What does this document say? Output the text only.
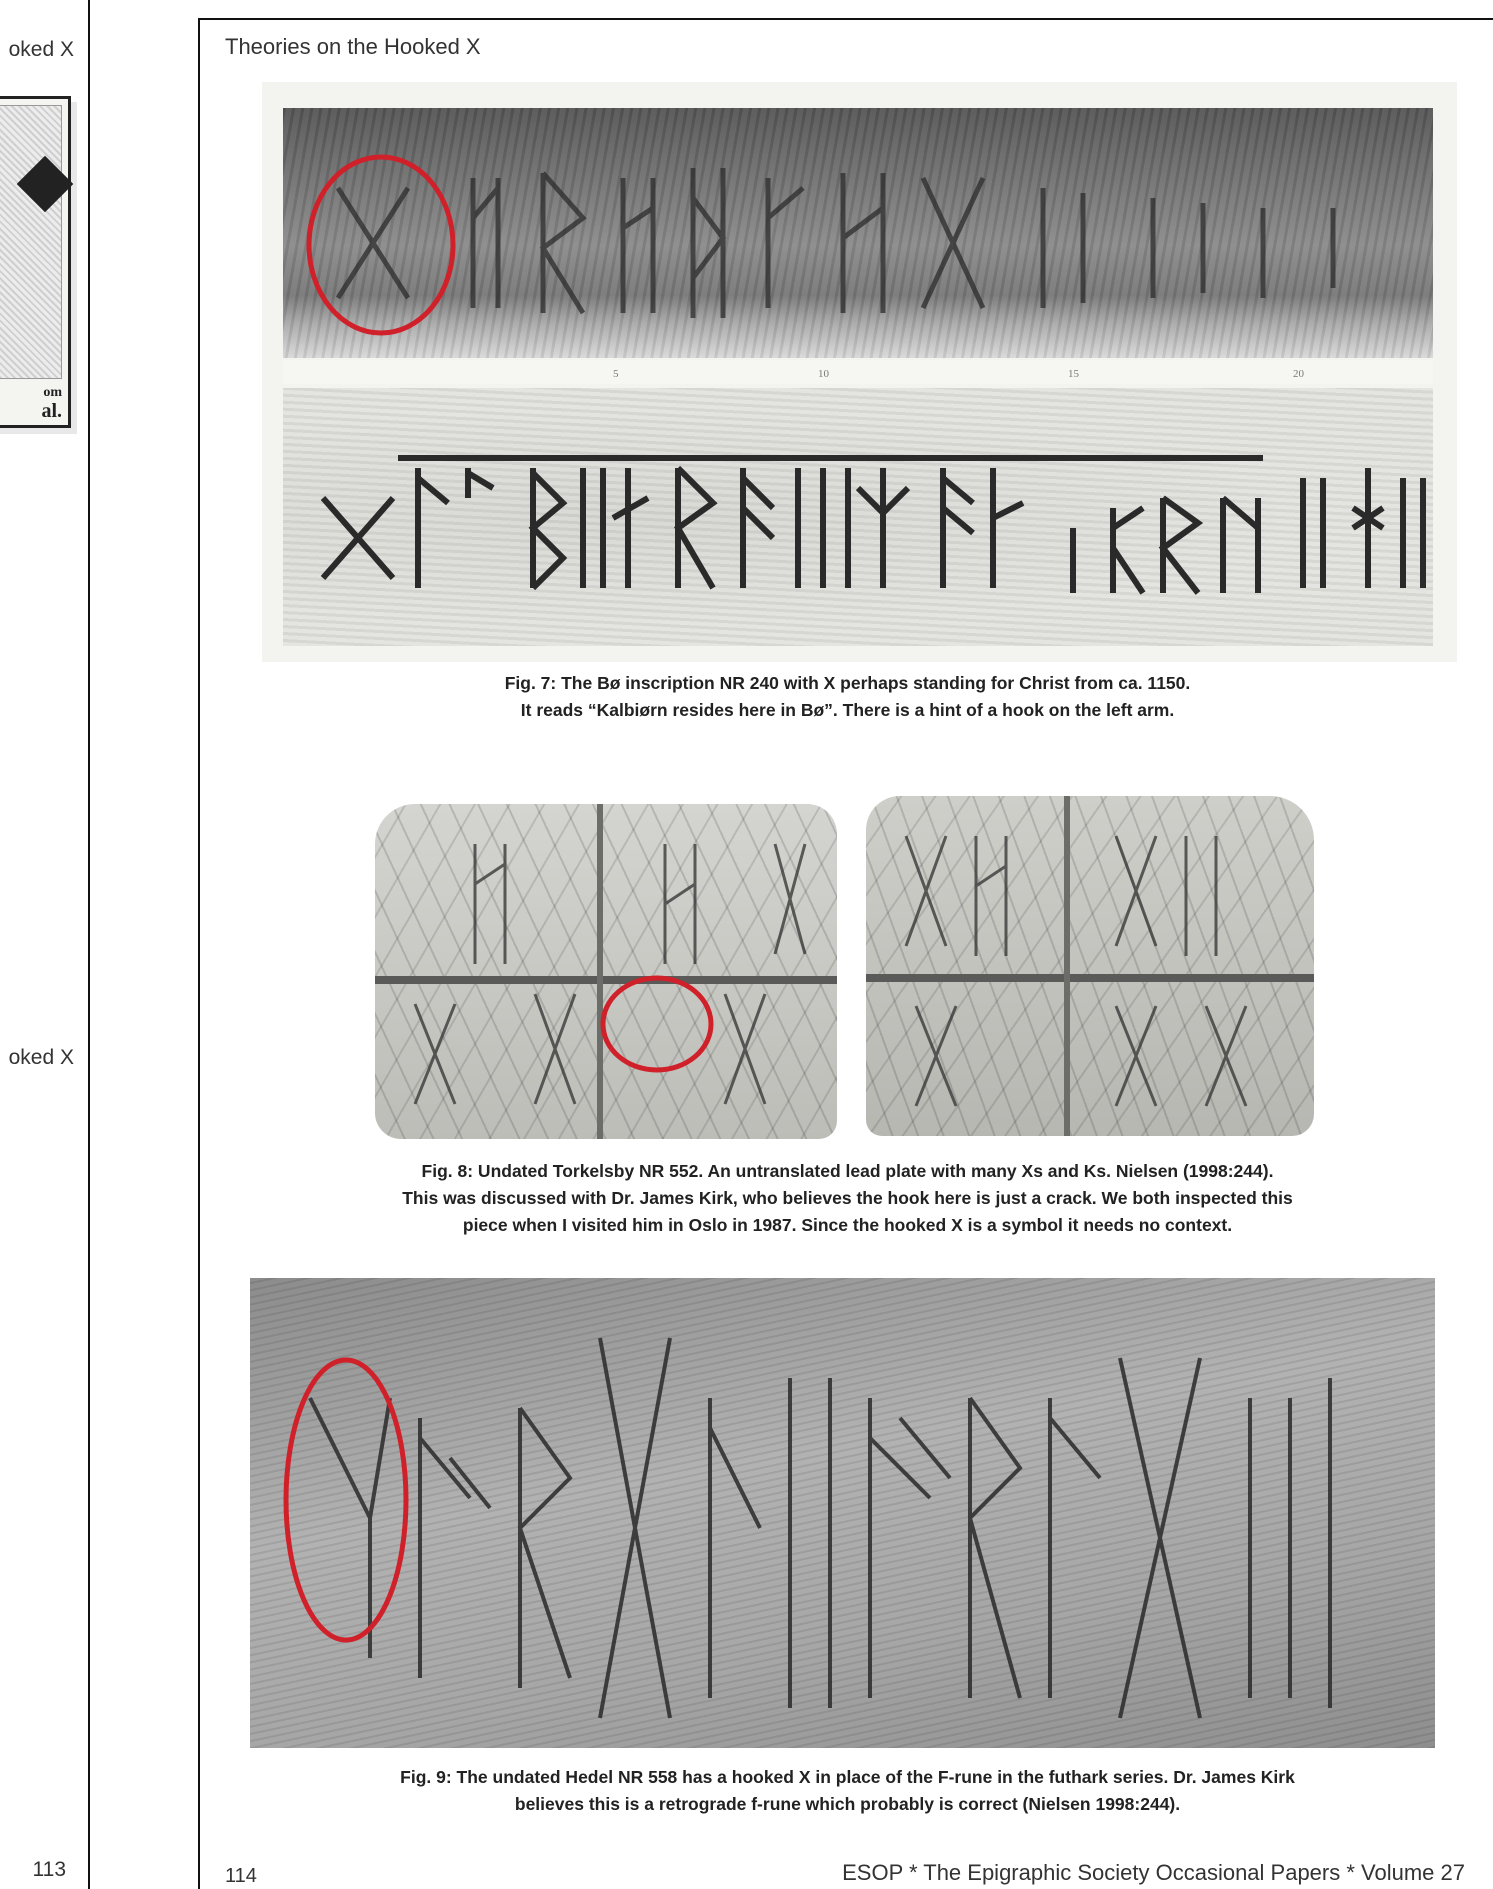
oked X
om
al.
oked X
113
Theories on the Hooked X
5	10	15	20
Fig. 7: The Bø inscription NR 240 with X perhaps standing for Christ from ca. 1150.
It reads “Kalbiørn resides here in Bø”. There is a hint of a hook on the left arm.
Fig. 8: Undated Torkelsby NR 552. An untranslated lead plate with many Xs and Ks. Nielsen (1998:244).
This was discussed with Dr. James Kirk, who believes the hook here is just a crack. We both inspected this
piece when I visited him in Oslo in 1987. Since the hooked X is a symbol it needs no context.
Fig. 9: The undated Hedel NR 558 has a hooked X in place of the F-rune in the futhark series. Dr. James Kirk
believes this is a retrograde f-rune which probably is correct (Nielsen 1998:244).
114	ESOP * The Epigraphic Society Occasional Papers * Volume 27
